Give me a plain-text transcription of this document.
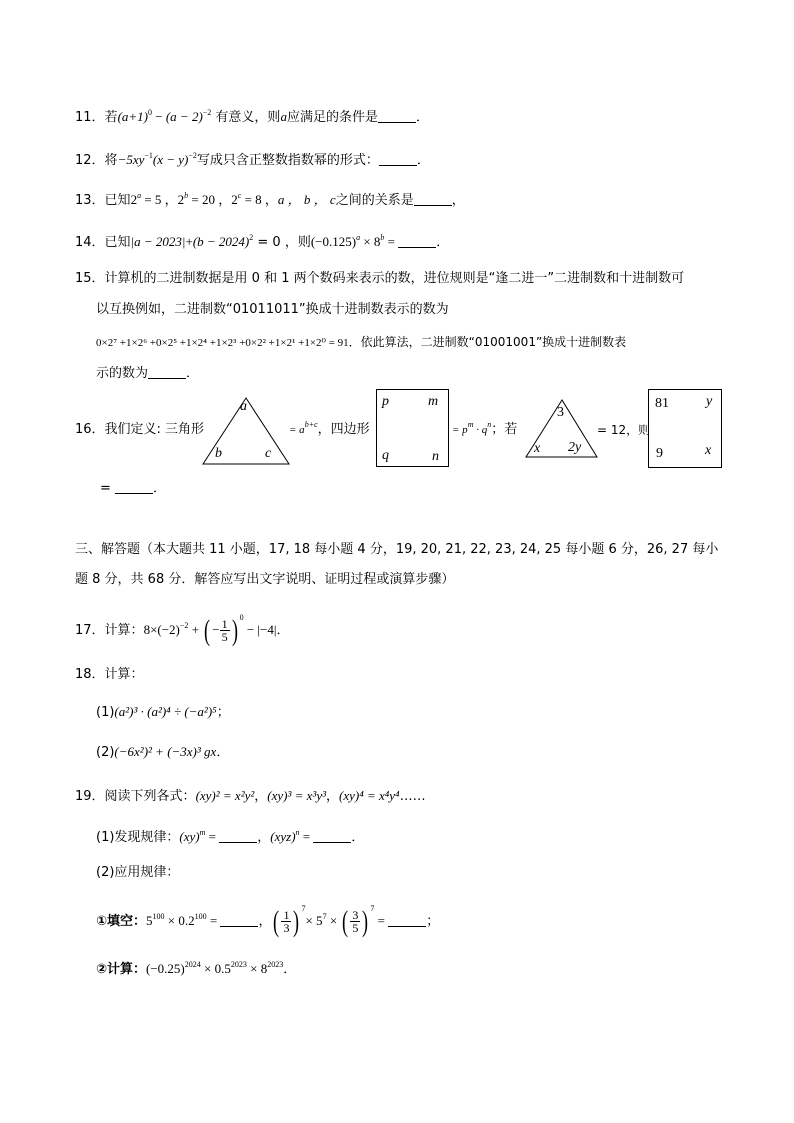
11．若$(a+1)^0 - (a - 2)^{-2}$ 有意义，则a应满足的条件是	．
12．将$-5xy^{-1}(x - y)^{-2}$写成只含正整数指数幂的形式：	．
13．已知$2^a = 5$ ，$2^b = 20$ ，$2^c = 8$ ，a ， b ， c之间的关系是	，
14．已知$|a - 2023|+(b - 2024)^2 = 0$ ，则$(-0.125)^a \times 8^b$ =	．
15．计算机的二进制数据是用 0 和 1 两个数码来表示的数，进位规则是“逢二进一”二进制数和十进制数可
以互换例如，二进制数“01011011”换成十进制数表示的数为
0×2⁷ +1×2⁶ +0×2⁵ +1×2⁴ +1×2³ +0×2² +1×2¹ +1×2⁰ = 91．依此算法，二进制数“01001001”换成十进制数表
示的数为	．
16．我们定义: 三角形
a
b	c
= $a^{b+c}$，四边形
p	m
q	n
= $p^m \cdot q^n$；若
3
x 2y
= 12，则
81	y
9	x
=	．
三、解答题（本大题共 11 小题，17, 18 每小题 4 分，19, 20, 21, 22, 23, 24, 25 每小题 6 分，26, 27 每小
题 8 分，共 68 分．解答应写出文字说明、证明过程或演算步骤）
17．计算：$8\times(-2)^{-2}$ + ( − $\frac{1}{5}$ ) $^0$ − |−4|．
18．计算：
(1)(a²)³ · (a²)⁴ ÷ (−a²)⁵；
(2)(−6x²)² + (−3x)³ gx．
19．阅读下列各式：(xy)² = x²y²，(xy)³ = x³y³，(xy)⁴ = x⁴y⁴……
(1)发现规律：(xy)$^m$ =	，(xyz)$^n$ =	．
(2)应用规律：
①填空：$5^{100} \times 0.2^{100}$ =	，( $\frac{1}{3}$ ) $^7\times 5^7$ × ( $\frac{3}{5}$ ) $^7$ =	；
②计算：$(-0.25)^{2024} \times 0.5^{2023} \times 8^{2023}$．
